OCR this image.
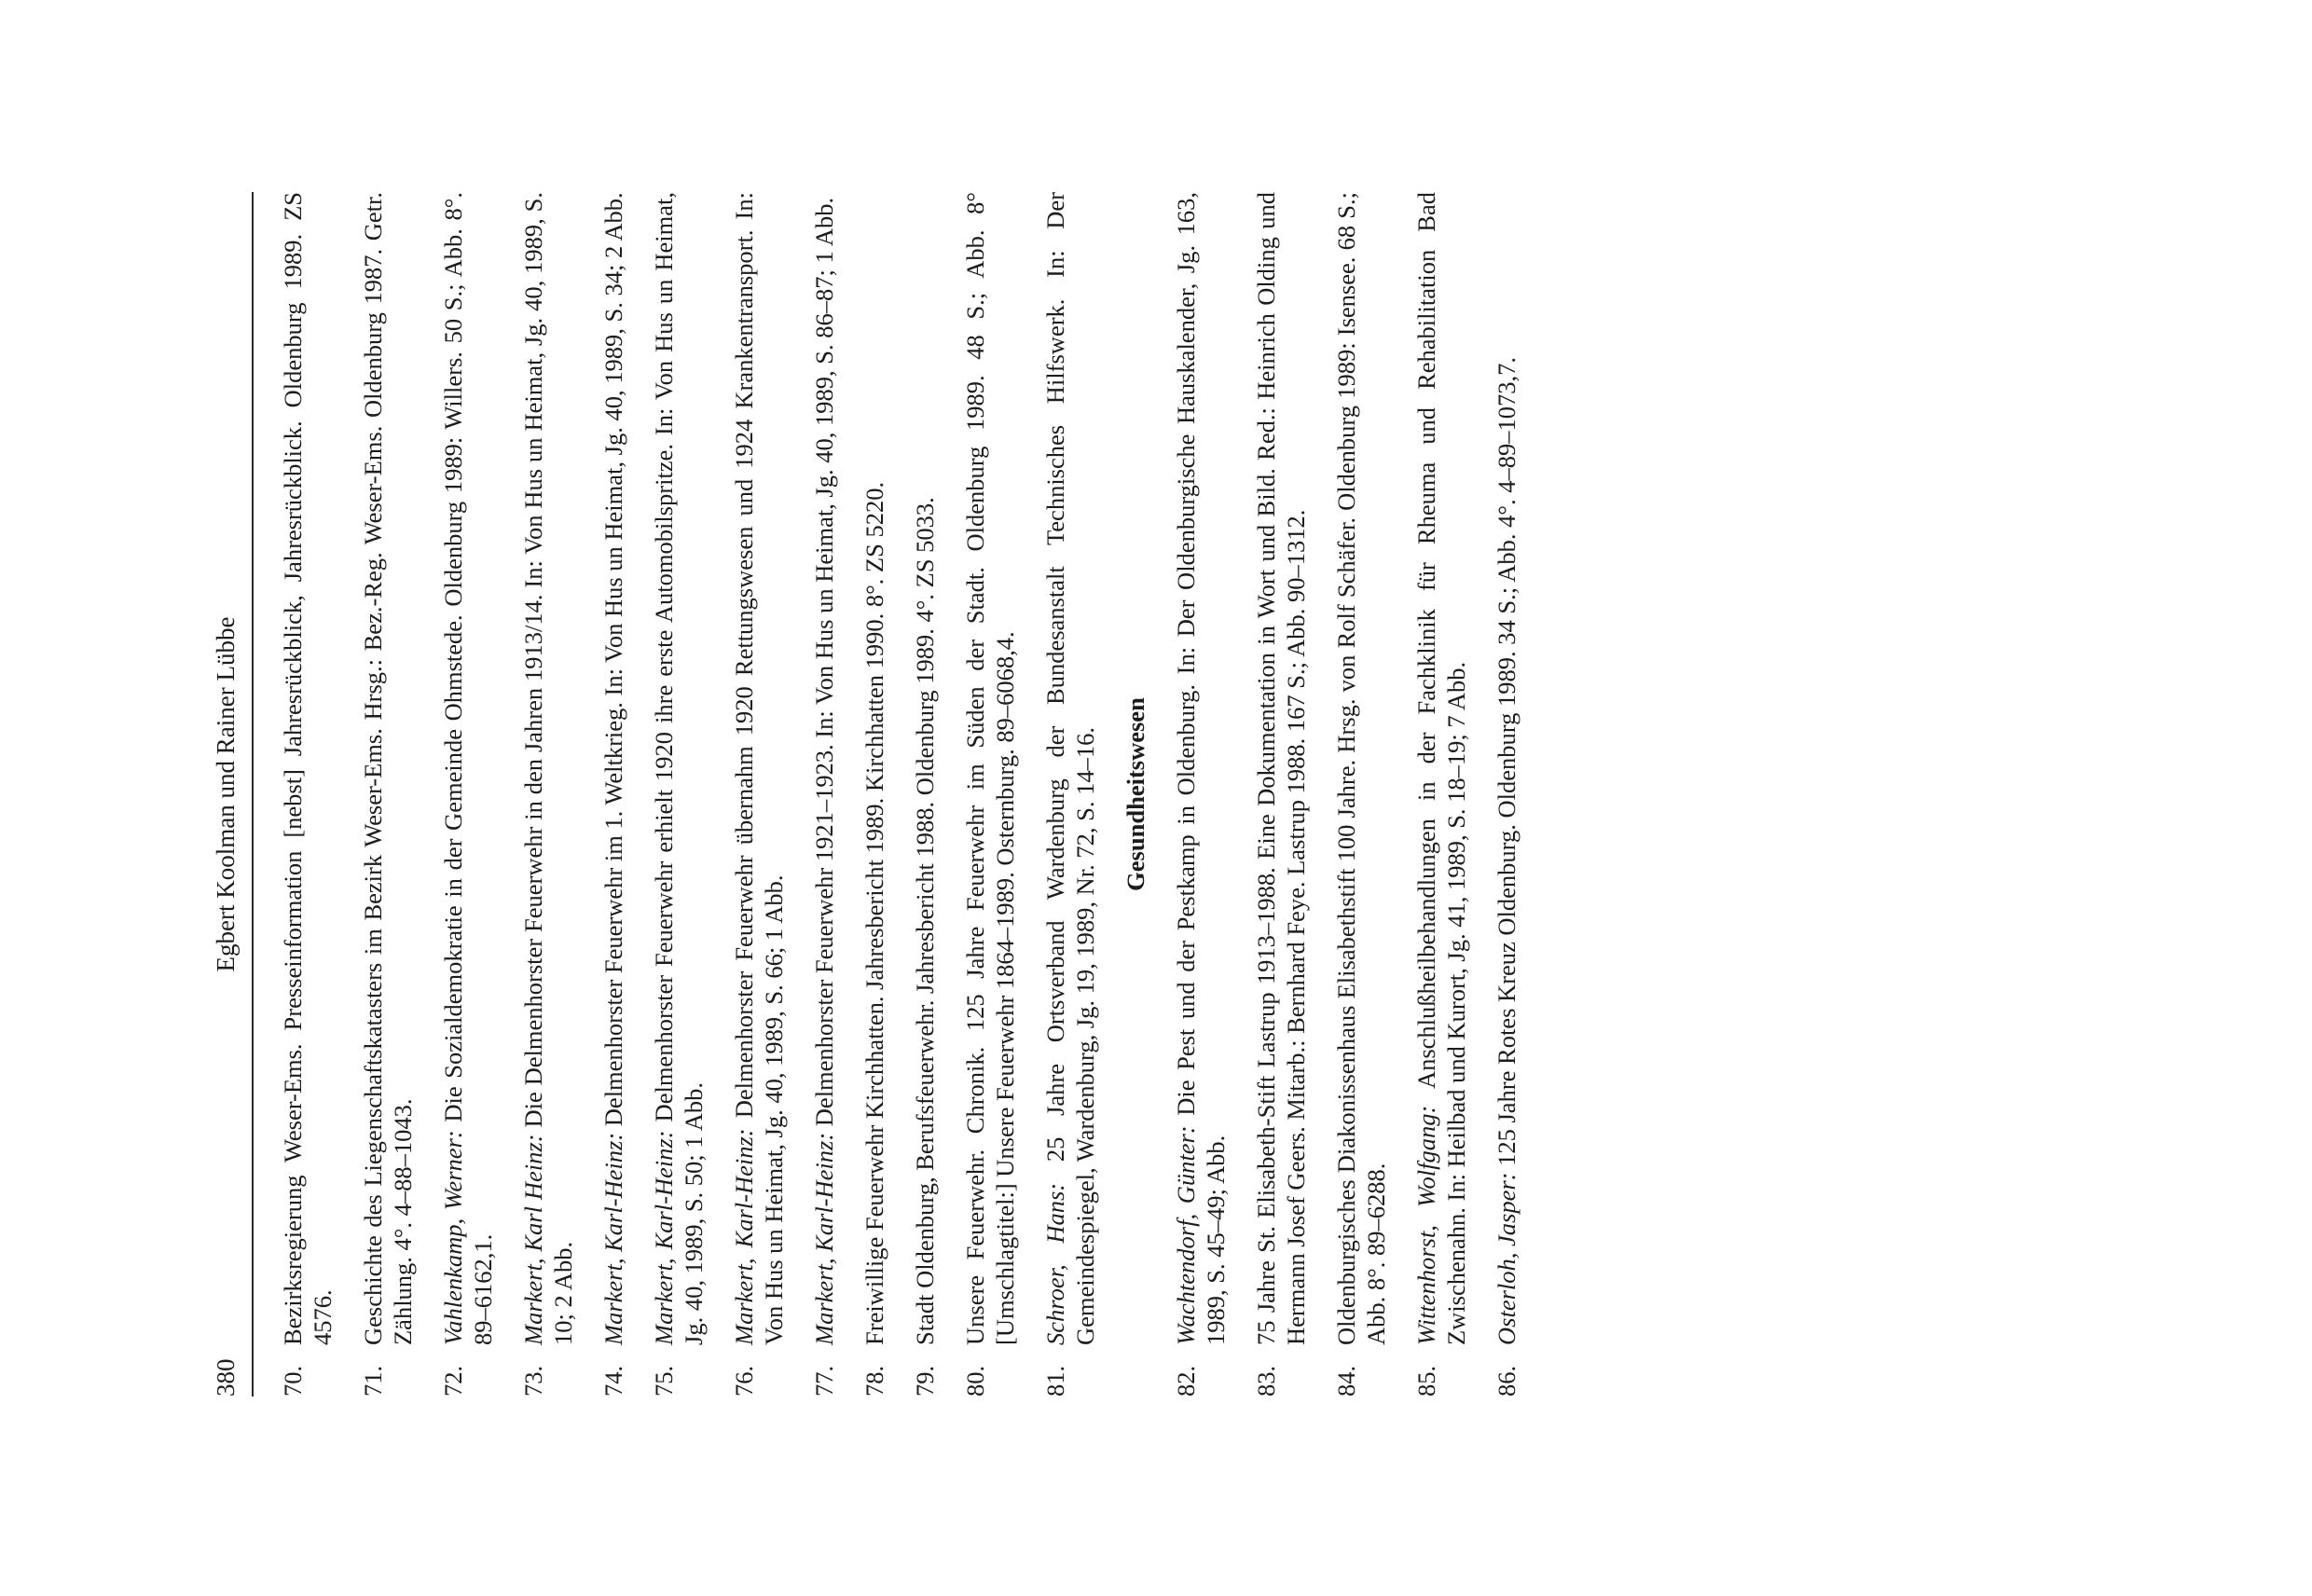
380
Egbert Koolman und Rainer Lübbe
70.
Bezirksregierung Weser-Ems. Presseinformation [nebst] Jahresrückblick, Jahresrückblick. Oldenburg 1989. ZS 4576.
71.
Geschichte des Liegenschaftskatasters im Bezirk Weser-Ems. Hrsg.: Bez.-Reg. Weser-Ems. Oldenburg 1987. Getr. Zählung. 4°. 4–88–1043.
72.
Vahlenkamp, Werner: Die Sozialdemokratie in der Gemeinde Ohmstede. Oldenburg 1989: Willers. 50 S.; Abb. 8°. 89–6162,1.
73.
Markert, Karl Heinz: Die Delmenhorster Feuerwehr in den Jahren 1913/14. In: Von Hus un Heimat, Jg. 40, 1989, S. 10; 2 Abb.
74.
Markert, Karl-Heinz: Delmenhorster Feuerwehr im 1. Weltkrieg. In: Von Hus un Heimat, Jg. 40, 1989, S. 34; 2 Abb.
75.
Markert, Karl-Heinz: Delmenhorster Feuerwehr erhielt 1920 ihre erste Automobilspritze. In: Von Hus un Heimat, Jg. 40, 1989, S. 50; 1 Abb.
76.
Markert, Karl-Heinz: Delmenhorster Feuerwehr übernahm 1920 Rettungswesen und 1924 Krankentransport. In: Von Hus un Heimat, Jg. 40, 1989, S. 66; 1 Abb.
77.
Markert, Karl-Heinz: Delmenhorster Feuerwehr 1921–1923. In: Von Hus un Heimat, Jg. 40, 1989, S. 86–87; 1 Abb.
78.
Freiwillige Feuerwehr Kirchhatten. Jahresbericht 1989. Kirchhatten 1990. 8°. ZS 5220.
79.
Stadt Oldenburg, Berufsfeuerwehr. Jahresbericht 1988. Oldenburg 1989. 4°. ZS 5033.
80.
Unsere Feuerwehr. Chronik. 125 Jahre Feuerwehr im Süden der Stadt. Oldenburg 1989. 48 S.; Abb. 8° [Umschlagtitel:] Unsere Feuerwehr 1864–1989. Osternburg. 89–6068,4.
81.
Schroer, Hans: 25 Jahre Ortsverband Wardenburg der Bundesanstalt Technisches Hilfswerk. In: Der Gemeindespiegel, Wardenburg, Jg. 19, 1989, Nr. 72, S. 14–16. Gesundheitswesen
82.
Wachtendorf, Günter: Die Pest und der Pestkamp in Oldenburg. In: Der Oldenburgische Hauskalender, Jg. 163, 1989, S. 45–49; Abb.
83.
75 Jahre St. Elisabeth-Stift Lastrup 1913–1988. Eine Dokumentation in Wort und Bild. Red.: Heinrich Olding und Hermann Josef Geers. Mitarb.: Bernhard Feye. Lastrup 1988. 167 S.; Abb. 90–1312.
84.
Oldenburgisches Diakonissenhaus Elisabethstift 100 Jahre. Hrsg. von Rolf Schäfer. Oldenburg 1989: Isensee. 68 S.; Abb. 8°. 89–6288.
85.
Wittenhorst, Wolfgang: Anschlußheilbehandlungen in der Fachklinik für Rheuma und Rehabilitation Bad Zwischenahn. In: Heilbad und Kurort, Jg. 41, 1989, S. 18–19; 7 Abb.
86.
Osterloh, Jasper: 125 Jahre Rotes Kreuz Oldenburg. Oldenburg 1989. 34 S.; Abb. 4°. 4–89–1073,7.
